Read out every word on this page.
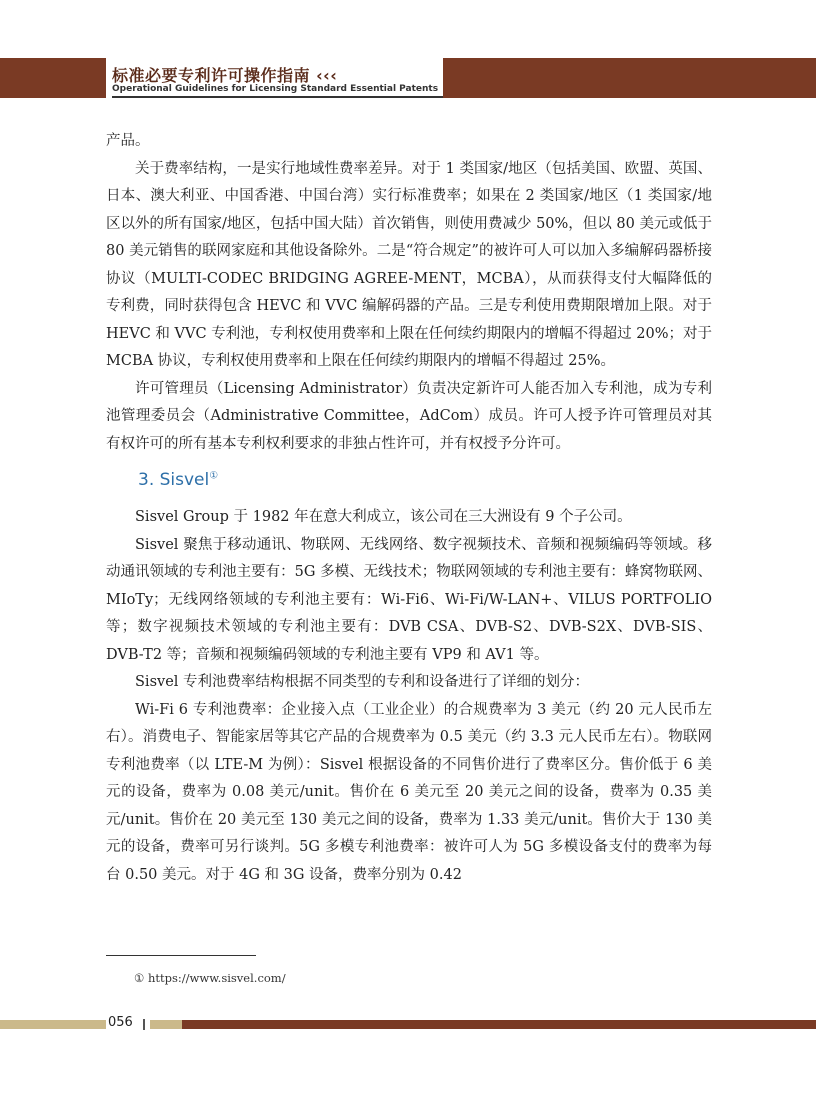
标准必要专利许可操作指南 ‹‹‹
Operational Guidelines for Licensing Standard Essential Patents

产品。

关于费率结构，一是实行地域性费率差异。对于 1 类国家/地区（包括美国、欧盟、英国、日本、澳大利亚、中国香港、中国台湾）实行标准费率；如果在 2 类国家/地区（1 类国家/地区以外的所有国家/地区，包括中国大陆）首次销售，则使用费减少 50%，但以 80 美元或低于 80 美元销售的联网家庭和其他设备除外。二是“符合规定”的被许可人可以加入多编解码器桥接协议（MULTI-CODEC BRIDGING AGREE-MENT，MCBA），从而获得支付大幅降低的专利费，同时获得包含 HEVC 和 VVC 编解码器的产品。三是专利使用费期限增加上限。对于 HEVC 和 VVC 专利池，专利权使用费率和上限在任何续约期限内的增幅不得超过 20%；对于 MCBA 协议，专利权使用费率和上限在任何续约期限内的增幅不得超过 25%。

许可管理员（Licensing Administrator）负责决定新许可人能否加入专利池，成为专利池管理委员会（Administrative Committee，AdCom）成员。许可人授予许可管理员对其有权许可的所有基本专利权利要求的非独占性许可，并有权授予分许可。

3. Sisvel①

Sisvel Group 于 1982 年在意大利成立，该公司在三大洲设有 9 个子公司。

Sisvel 聚焦于移动通讯、物联网、无线网络、数字视频技术、音频和视频编码等领域。移动通讯领域的专利池主要有：5G 多模、无线技术；物联网领域的专利池主要有：蜂窝物联网、MIoTy；无线网络领域的专利池主要有：Wi-Fi6、Wi-Fi/W-LAN+、VILUS PORTFOLIO 等；数字视频技术领域的专利池主要有：DVB CSA、DVB-S2、DVB-S2X、DVB-SIS、DVB-T2 等；音频和视频编码领域的专利池主要有 VP9 和 AV1 等。

Sisvel 专利池费率结构根据不同类型的专利和设备进行了详细的划分：

Wi-Fi 6 专利池费率：企业接入点（工业企业）的合规费率为 3 美元（约 20 元人民币左右）。消费电子、智能家居等其它产品的合规费率为 0.5 美元（约 3.3 元人民币左右）。物联网专利池费率（以 LTE-M 为例）：Sisvel 根据设备的不同售价进行了费率区分。售价低于 6 美元的设备，费率为 0.08 美元/unit。售价在 6 美元至 20 美元之间的设备，费率为 0.35 美元/unit。售价在 20 美元至 130 美元之间的设备，费率为 1.33 美元/unit。售价大于 130 美元的设备，费率可另行谈判。5G 多模专利池费率：被许可人为 5G 多模设备支付的费率为每台 0.50 美元。对于 4G 和 3G 设备，费率分别为 0.42

① https://www.sisvel.com/
056
